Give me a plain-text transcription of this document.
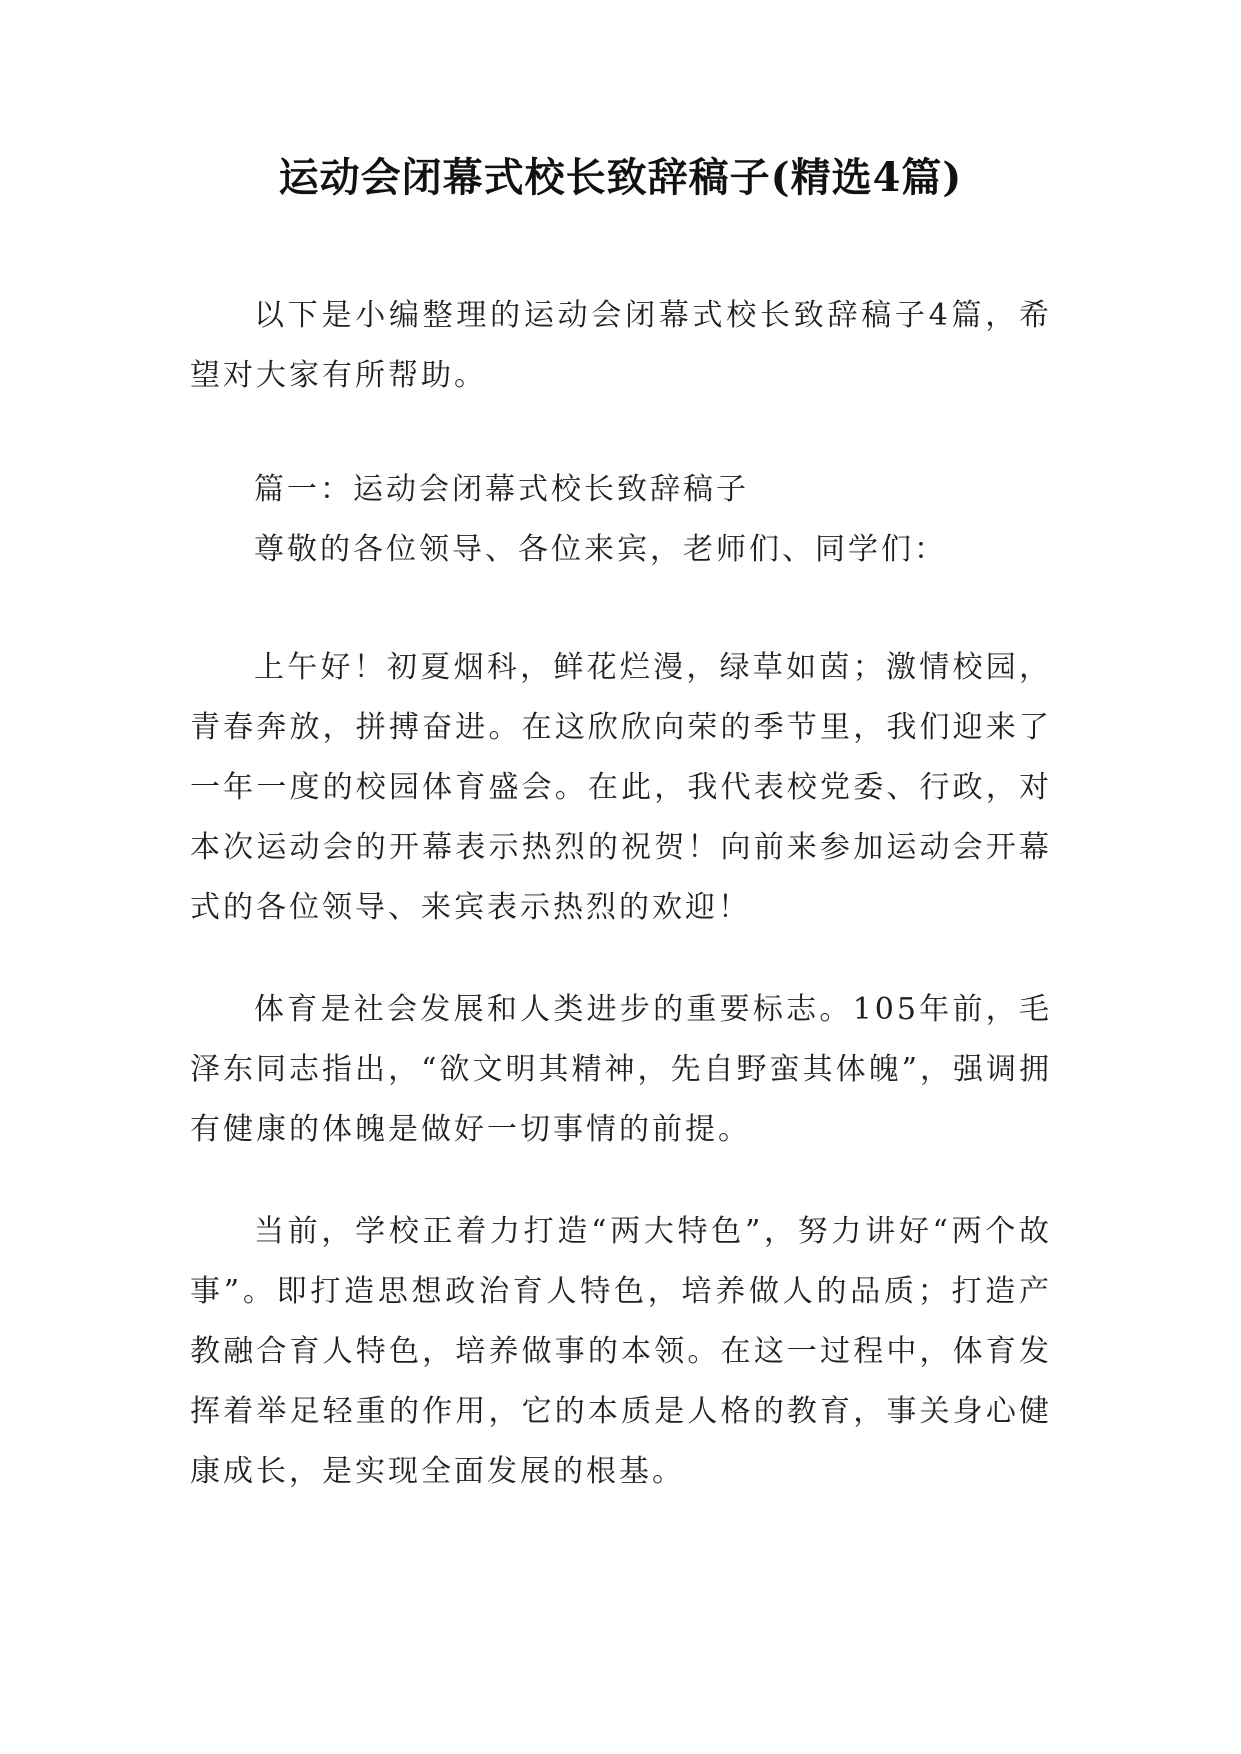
运动会闭幕式校长致辞稿子(精选4篇)

以下是小编整理的运动会闭幕式校长致辞稿子4篇，希望对大家有所帮助。

篇一：运动会闭幕式校长致辞稿子

尊敬的各位领导、各位来宾，老师们、同学们：

上午好！初夏烟科，鲜花烂漫，绿草如茵；激情校园，青春奔放，拼搏奋进。在这欣欣向荣的季节里，我们迎来了一年一度的校园体育盛会。在此，我代表校党委、行政，对本次运动会的开幕表示热烈的祝贺！向前来参加运动会开幕式的各位领导、来宾表示热烈的欢迎！

体育是社会发展和人类进步的重要标志。105年前，毛泽东同志指出，“欲文明其精神，先自野蛮其体魄”，强调拥有健康的体魄是做好一切事情的前提。

当前，学校正着力打造“两大特色”，努力讲好“两个故事”。即打造思想政治育人特色，培养做人的品质；打造产教融合育人特色，培养做事的本领。在这一过程中，体育发挥着举足轻重的作用，它的本质是人格的教育，事关身心健康成长，是实现全面发展的根基。
